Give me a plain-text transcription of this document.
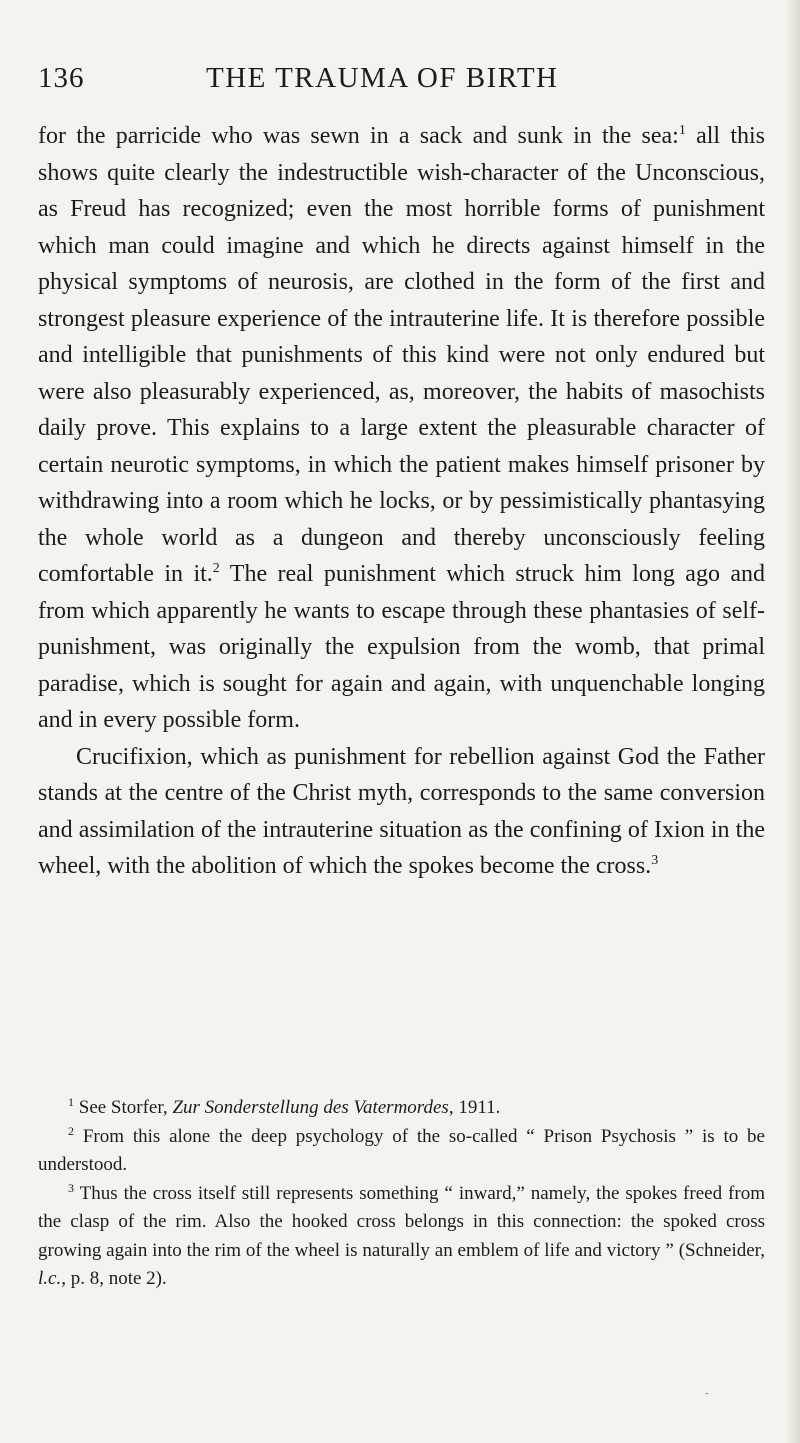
136	THE TRAUMA OF BIRTH

for the parricide who was sewn in a sack and sunk in the sea:$^1$ all this shows quite clearly the indestructible wish-character of the Unconscious, as Freud has recognized; even the most horrible forms of punishment which man could imagine and which he directs against himself in the physical symptoms of neurosis, are clothed in the form of the first and strongest pleasure experience of the intrauterine life. It is therefore possible and intelligible that punishments of this kind were not only endured but were also pleasurably experienced, as, moreover, the habits of masochists daily prove. This explains to a large extent the pleasurable character of certain neurotic symptoms, in which the patient makes himself prisoner by withdrawing into a room which he locks, or by pessimistically phantasying the whole world as a dungeon and thereby unconsciously feeling comfortable in it.$^2$ The real punishment which struck him long ago and from which apparently he wants to escape through these phantasies of self-punishment, was originally the expulsion from the womb, that primal paradise, which is sought for again and again, with unquenchable longing and in every possible form.

Crucifixion, which as punishment for rebellion against God the Father stands at the centre of the Christ myth, corresponds to the same conversion and assimilation of the intrauterine situation as the confining of Ixion in the wheel, with the abolition of which the spokes become the cross.$^3$

$^1$ See Storfer, Zur Sonderstellung des Vatermordes, 1911.

$^2$ From this alone the deep psychology of the so-called “ Prison Psychosis ” is to be understood.

$^3$ Thus the cross itself still represents something “ inward,” namely, the spokes freed from the clasp of the rim. Also the hooked cross belongs in this connection: the spoked cross growing again into the rim of the wheel is naturally an emblem of life and victory ” (Schneider, l.c., p. 8, note 2).

-
